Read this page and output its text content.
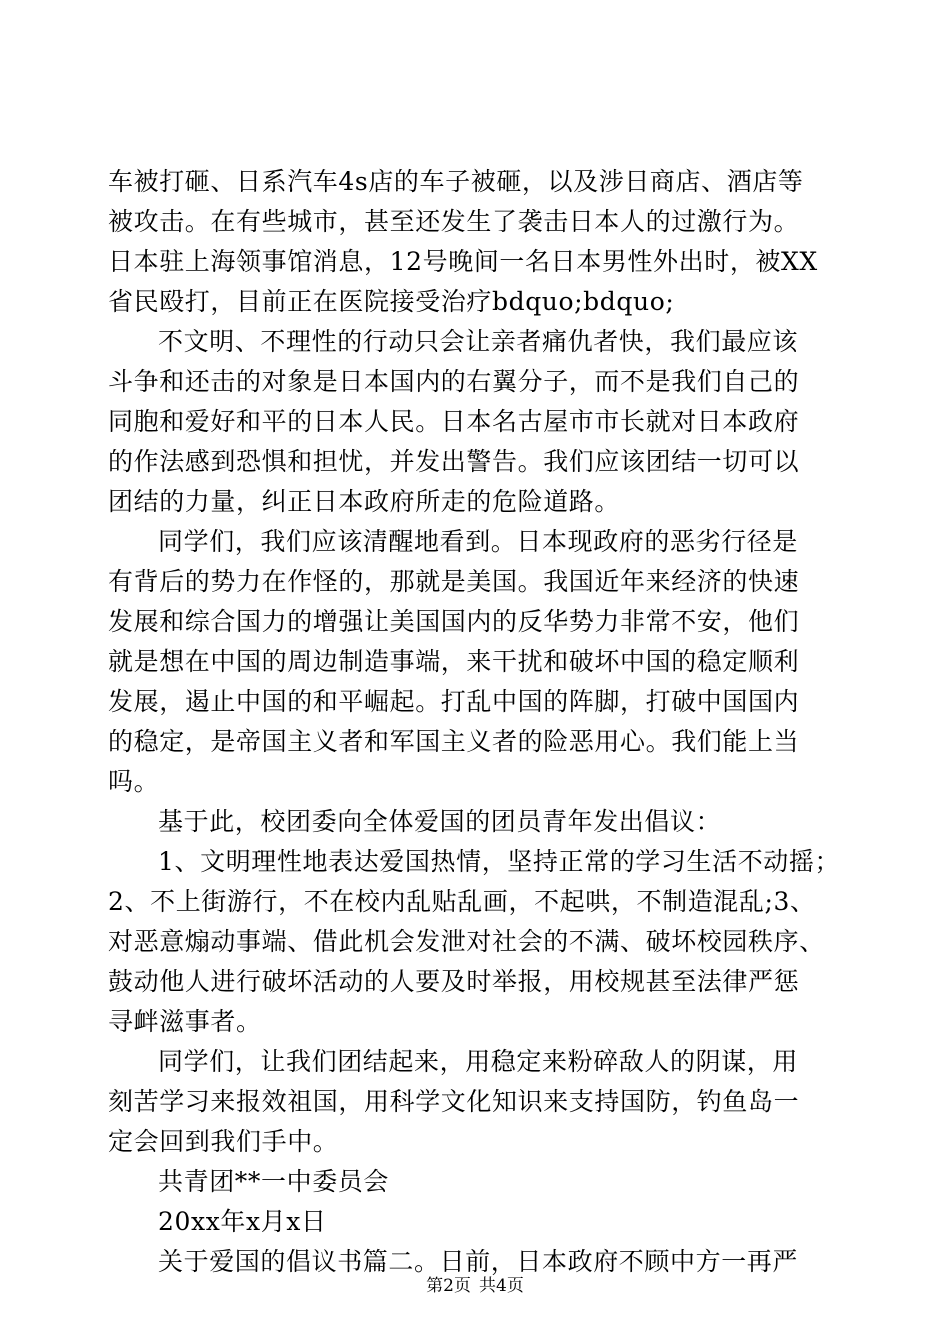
车被打砸、日系汽车4s店的车子被砸，以及涉日商店、酒店等
被攻击。在有些城市，甚至还发生了袭击日本人的过激行为。
日本驻上海领事馆消息，12号晚间一名日本男性外出时，被XX
省民殴打，目前正在医院接受治疗bdquo;bdquo;
不文明、不理性的行动只会让亲者痛仇者快，我们最应该
斗争和还击的对象是日本国内的右翼分子，而不是我们自己的
同胞和爱好和平的日本人民。日本名古屋市市长就对日本政府
的作法感到恐惧和担忧，并发出警告。我们应该团结一切可以
团结的力量，纠正日本政府所走的危险道路。
同学们，我们应该清醒地看到。日本现政府的恶劣行径是
有背后的势力在作怪的，那就是美国。我国近年来经济的快速
发展和综合国力的增强让美国国内的反华势力非常不安，他们
就是想在中国的周边制造事端，来干扰和破坏中国的稳定顺利
发展，遏止中国的和平崛起。打乱中国的阵脚，打破中国国内
的稳定，是帝国主义者和军国主义者的险恶用心。我们能上当
吗。
基于此，校团委向全体爱国的团员青年发出倡议：
1、文明理性地表达爱国热情，坚持正常的学习生活不动摇；
2、不上街游行，不在校内乱贴乱画，不起哄，不制造混乱;3、
对恶意煽动事端、借此机会发泄对社会的不满、破坏校园秩序、
鼓动他人进行破坏活动的人要及时举报，用校规甚至法律严惩
寻衅滋事者。
同学们，让我们团结起来，用稳定来粉碎敌人的阴谋，用
刻苦学习来报效祖国，用科学文化知识来支持国防，钓鱼岛一
定会回到我们手中。
共青团**一中委员会
20xx年x月x日
关于爱国的倡议书篇二。日前，日本政府不顾中方一再严
第2页 共4页
